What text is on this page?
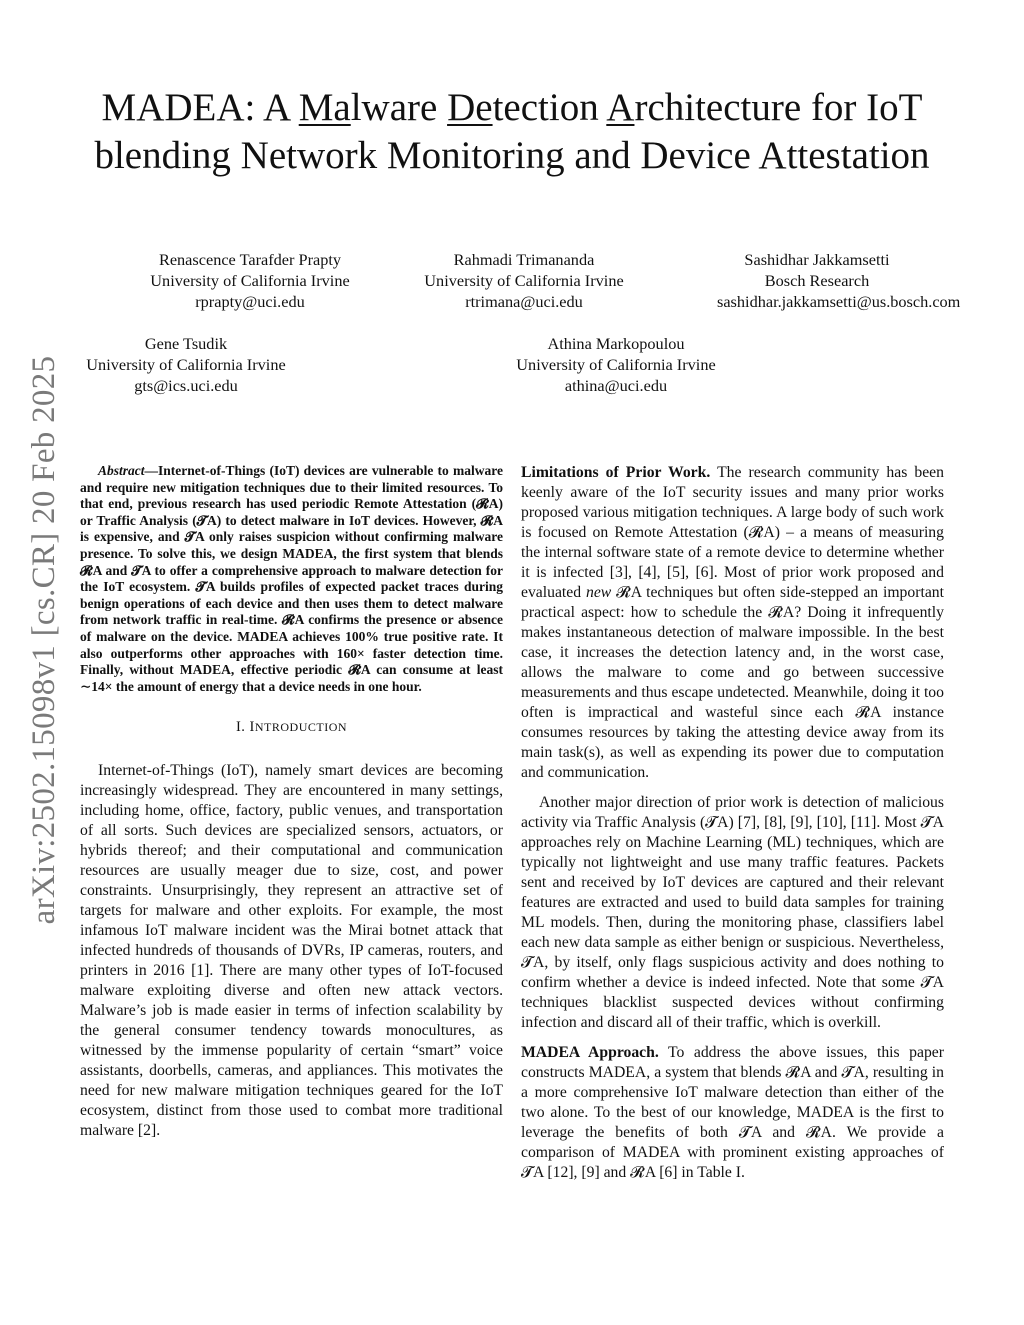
arXiv:2502.15098v1 [cs.CR] 20 Feb 2025
MADEA: A Malware Detection Architecture for IoT blending Network Monitoring and Device Attestation
Renascence Tarafder Prapty
University of California Irvine
rprapty@uci.edu
Rahmadi Trimananda
University of California Irvine
rtrimana@uci.edu
Sashidhar Jakkamsetti
Bosch Research
sashidhar.jakkamsetti@us.bosch.com
Gene Tsudik
University of California Irvine
gts@ics.uci.edu
Athina Markopoulou
University of California Irvine
athina@uci.edu

Abstract—Internet-of-Things (IoT) devices are vulnerable to malware and require new mitigation techniques due to their limited resources. To that end, previous research has used periodic Remote Attestation (𝓡A) or Traffic Analysis (𝓣A) to detect malware in IoT devices. However, 𝓡A is expensive, and 𝓣A only raises suspicion without confirming malware presence. To solve this, we design MADEA, the first system that blends 𝓡A and 𝓣A to offer a comprehensive approach to malware detection for the IoT ecosystem. 𝓣A builds profiles of expected packet traces during benign operations of each device and then uses them to detect malware from network traffic in real-time. 𝓡A confirms the presence or absence of malware on the device. MADEA achieves 100% true positive rate. It also outperforms other approaches with 160× faster detection time. Finally, without MADEA, effective periodic 𝓡A can consume at least ∼14× the amount of energy that a device needs in one hour.

I. INTRODUCTION

Internet-of-Things (IoT), namely smart devices are becoming increasingly widespread. They are encountered in many settings, including home, office, factory, public venues, and transportation of all sorts. Such devices are specialized sensors, actuators, or hybrids thereof; and their computational and communication resources are usually meager due to size, cost, and power constraints. Unsurprisingly, they represent an attractive set of targets for malware and other exploits. For example, the most infamous IoT malware incident was the Mirai botnet attack that infected hundreds of thousands of DVRs, IP cameras, routers, and printers in 2016 [1]. There are many other types of IoT-focused malware exploiting diverse and often new attack vectors. Malware’s job is made easier in terms of infection scalability by the general consumer tendency towards monocultures, as witnessed by the immense popularity of certain “smart” voice assistants, doorbells, cameras, and appliances. This motivates the need for new malware mitigation techniques geared for the IoT ecosystem, distinct from those used to combat more traditional malware [2].

Limitations of Prior Work. The research community has been keenly aware of the IoT security issues and many prior works proposed various mitigation techniques. A large body of such work is focused on Remote Attestation (𝓡A) – a means of measuring the internal software state of a remote device to determine whether it is infected [3], [4], [5], [6]. Most of prior work proposed and evaluated new 𝓡A techniques but often side-stepped an important practical aspect: how to schedule the 𝓡A? Doing it infrequently makes instantaneous detection of malware impossible. In the best case, it increases the detection latency and, in the worst case, allows the malware to come and go between successive measurements and thus escape undetected. Meanwhile, doing it too often is impractical and wasteful since each 𝓡A instance consumes resources by taking the attesting device away from its main task(s), as well as expending its power due to computation and communication.

Another major direction of prior work is detection of malicious activity via Traffic Analysis (𝓣A) [7], [8], [9], [10], [11]. Most 𝓣A approaches rely on Machine Learning (ML) techniques, which are typically not lightweight and use many traffic features. Packets sent and received by IoT devices are captured and their relevant features are extracted and used to build data samples for training ML models. Then, during the monitoring phase, classifiers label each new data sample as either benign or suspicious. Nevertheless, 𝓣A, by itself, only flags suspicious activity and does nothing to confirm whether a device is indeed infected. Note that some 𝓣A techniques blacklist suspected devices without confirming infection and discard all of their traffic, which is overkill.

MADEA Approach. To address the above issues, this paper constructs MADEA, a system that blends 𝓡A and 𝓣A, resulting in a more comprehensive IoT malware detection than either of the two alone. To the best of our knowledge, MADEA is the first to leverage the benefits of both 𝓣A and 𝓡A. We provide a comparison of MADEA with prominent existing approaches of 𝓣A [12], [9] and 𝓡A [6] in Table I.
